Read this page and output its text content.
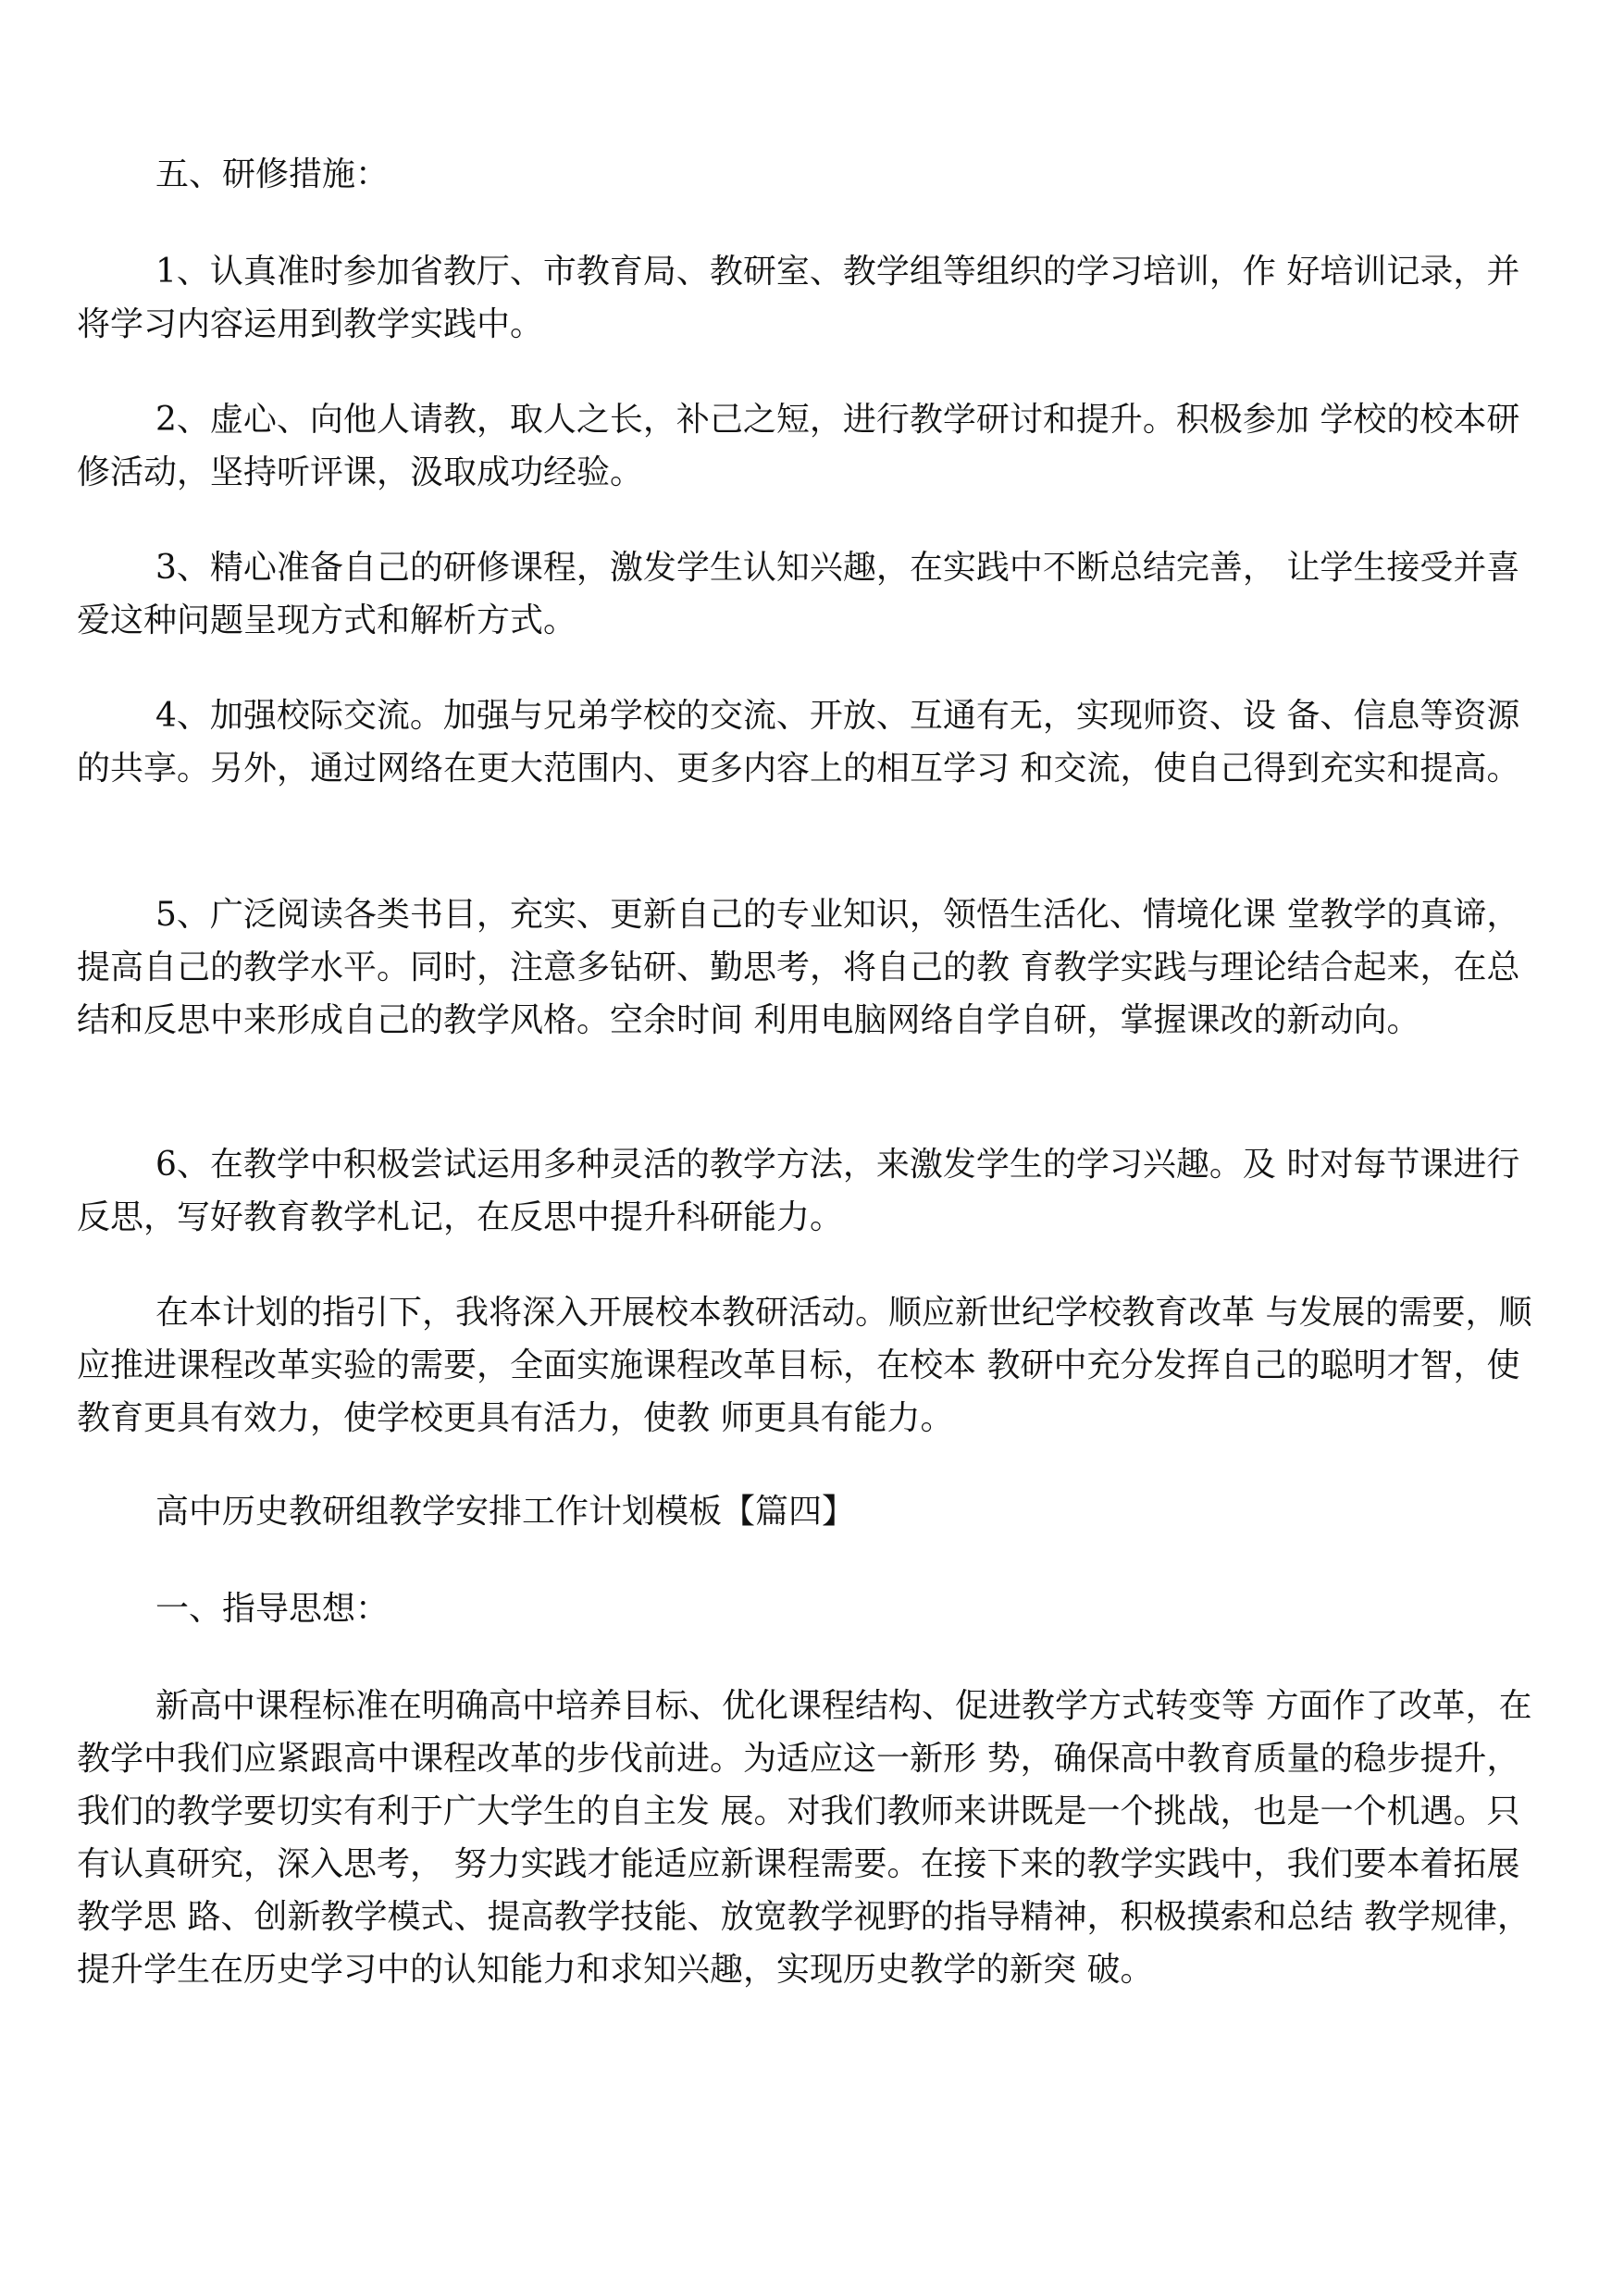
五、研修措施：

1、认真准时参加省教厅、市教育局、教研室、教学组等组织的学习培训，作 好培训记录，并将学习内容运用到教学实践中。

2、虚心、向他人请教，取人之长，补己之短，进行教学研讨和提升。积极参加 学校的校本研修活动，坚持听评课，汲取成功经验。

3、精心准备自己的研修课程，激发学生认知兴趣，在实践中不断总结完善， 让学生接受并喜爱这种问题呈现方式和解析方式。

4、加强校际交流。加强与兄弟学校的交流、开放、互通有无，实现师资、设 备、信息等资源的共享。另外，通过网络在更大范围内、更多内容上的相互学习 和交流，使自己得到充实和提高。

5、广泛阅读各类书目，充实、更新自己的专业知识，领悟生活化、情境化课 堂教学的真谛，提高自己的教学水平。同时，注意多钻研、勤思考，将自己的教 育教学实践与理论结合起来，在总结和反思中来形成自己的教学风格。空余时间 利用电脑网络自学自研，掌握课改的新动向。

6、在教学中积极尝试运用多种灵活的教学方法，来激发学生的学习兴趣。及 时对每节课进行反思，写好教育教学札记，在反思中提升科研能力。

在本计划的指引下，我将深入开展校本教研活动。顺应新世纪学校教育改革 与发展的需要，顺应推进课程改革实验的需要，全面实施课程改革目标，在校本 教研中充分发挥自己的聪明才智，使教育更具有效力，使学校更具有活力，使教 师更具有能力。

高中历史教研组教学安排工作计划模板【篇四】

一、指导思想：

新高中课程标准在明确高中培养目标、优化课程结构、促进教学方式转变等 方面作了改革，在教学中我们应紧跟高中课程改革的步伐前进。为适应这一新形 势，确保高中教育质量的稳步提升，我们的教学要切实有利于广大学生的自主发 展。对我们教师来讲既是一个挑战，也是一个机遇。只有认真研究，深入思考， 努力实践才能适应新课程需要。在接下来的教学实践中，我们要本着拓展教学思 路、创新教学模式、提高教学技能、放宽教学视野的指导精神，积极摸索和总结 教学规律，提升学生在历史学习中的认知能力和求知兴趣，实现历史教学的新突 破。
